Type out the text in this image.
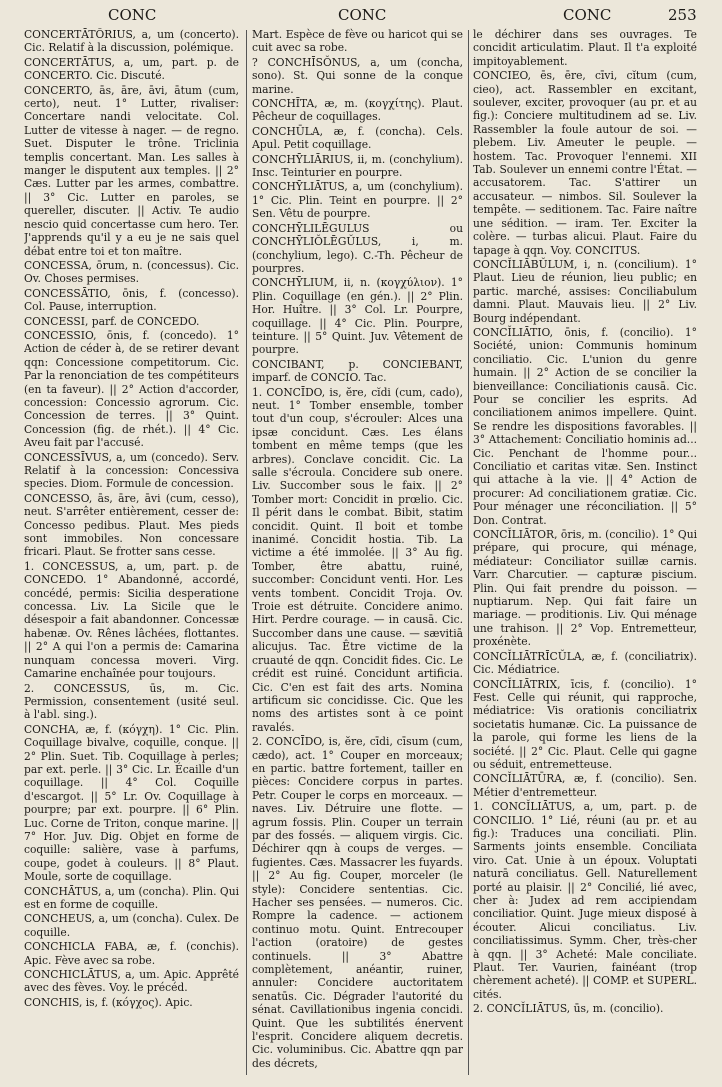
CONC	CONC	CONC	253

CONCERTĀTŌRIUS, a, um (concerto). Cic. Relatif à la discussion, polémique.

CONCERTĀTUS, a, um, part. p. de CONCERTO. Cic. Discuté.

CONCERTO, ās, āre, āvi, ātum (cum, certo), neut. 1° Lutter, rivaliser: Concertare nandi velocitate. Col. Lutter de vitesse à nager. — de regno. Suet. Disputer le trône. Triclinia templis concertant. Man. Les salles à manger le disputent aux temples. || 2° Cæs. Lutter par les armes, combattre. || 3° Cic. Lutter en paroles, se quereller, discuter. || Activ. Te audio nescio quid concertasse cum hero. Ter. J'apprends qu'il y a eu je ne sais quel débat entre toi et ton maître.

CONCESSA, ōrum, n. (concessus). Cic. Ov. Choses permises.

CONCESSĀTIO, ōnis, f. (concesso). Col. Pause, interruption.

CONCESSI, parf. de CONCEDO.

CONCESSIO, ōnis, f. (concedo). 1° Action de céder à, de se retirer devant qqn: Concessione competitorum. Cic. Par la renonciation de tes compétiteurs (en ta faveur). || 2° Action d'accorder, concession: Concessio agrorum. Cic. Concession de terres. || 3° Quint. Concession (fig. de rhét.). || 4° Cic. Aveu fait par l'accusé.

CONCESSĪVUS, a, um (concedo). Serv. Relatif à la concession: Concessiva species. Diom. Formule de concession.

CONCESSO, ās, āre, āvi (cum, cesso), neut. S'arrêter entièrement, cesser de: Concesso pedibus. Plaut. Mes pieds sont immobiles. Non concessare fricari. Plaut. Se frotter sans cesse.

1. CONCESSUS, a, um, part. p. de CONCEDO. 1° Abandonné, accordé, concédé, permis: Sicilia desperatione concessa. Liv. La Sicile que le désespoir a fait abandonner. Concessæ habenæ. Ov. Rênes lâchées, flottantes. || 2° A qui l'on a permis de: Camarina nunquam concessa moveri. Virg. Camarine enchaînée pour toujours.

2. CONCESSUS, ūs, m. Cic. Permission, consentement (usité seul. à l'abl. sing.).

CONCHA, æ, f. (κόγχη). 1° Cic. Plin. Coquillage bivalve, coquille, conque. || 2° Plin. Suet. Tib. Coquillage à perles; par ext. perle. || 3° Cic. Lr. Écaille d'un coquillage. || 4° Col. Coquille d'escargot. || 5° Lr. Ov. Coquillage à pourpre; par ext. pourpre. || 6° Plin. Luc. Corne de Triton, conque marine. || 7° Hor. Juv. Dig. Objet en forme de coquille: salière, vase à parfums, coupe, godet à couleurs. || 8° Plaut. Moule, sorte de coquillage.

CONCHĀTUS, a, um (concha). Plin. Qui est en forme de coquille.

CONCHEUS, a, um (concha). Culex. De coquille.

CONCHICLA FABA, æ, f. (conchis). Apic. Fève avec sa robe.

CONCHICLĀTUS, a, um. Apic. Apprêté avec des fèves. Voy. le précéd.

CONCHIS, is, f. (κόγχος). Apic.

Mart. Espèce de fève ou haricot qui se cuit avec sa robe.

? CONCHĪSŎNUS, a, um (concha, sono). St. Qui sonne de la conque marine.

CONCHĪTA, æ, m. (κογχίτης). Plaut. Pêcheur de coquillages.

CONCHŪLA, æ, f. (concha). Cels. Apul. Petit coquillage.

CONCHȲLIĀRIUS, ii, m. (conchylium). Insc. Teinturier en pourpre.

CONCHȲLIĀTUS, a, um (conchylium). 1° Cic. Plin. Teint en pourpre. || 2° Sen. Vêtu de pourpre.

CONCHȲLILĒGULUS ou CONCHȲLIŎLĒGŬLUS, i, m. (conchylium, lego). C.-Th. Pêcheur de pourpres.

CONCHȲLIUM, ii, n. (κογχύλιον). 1° Plin. Coquillage (en gén.). || 2° Plin. Hor. Huître. || 3° Col. Lr. Pourpre, coquillage. || 4° Cic. Plin. Pourpre, teinture. || 5° Quint. Juv. Vêtement de pourpre.

CONCIBANT, p. CONCIEBANT, imparf. de CONCIO. Tac.

1. CONCĪDO, is, ĕre, cĭdi (cum, cado), neut. 1° Tomber ensemble, tomber tout d'un coup, s'écrouler: Alces una ipsæ concidunt. Cæs. Les élans tombent en même temps (que les arbres). Conclave concidit. Cic. La salle s'écroula. Concidere sub onere. Liv. Succomber sous le faix. || 2° Tomber mort: Concidit in prœlio. Cic. Il périt dans le combat. Bibit, statim concidit. Quint. Il boit et tombe inanimé. Concidit hostia. Tib. La victime a été immolée. || 3° Au fig. Tomber, être abattu, ruiné, succomber: Concidunt venti. Hor. Les vents tombent. Concidit Troja. Ov. Troie est détruite. Concidere animo. Hirt. Perdre courage. — in causā. Cic. Succomber dans une cause. — sævitiā alicujus. Tac. Être victime de la cruauté de qqn. Concidit fides. Cic. Le crédit est ruiné. Concidunt artificia. Cic. C'en est fait des arts. Nomina artificum sic concidisse. Cic. Que les noms des artistes sont à ce point ravalés.

2. CONCĪDO, is, ĕre, cīdi, cīsum (cum, cædo), act. 1° Couper en morceaux; en partic. battre fortement, tailler en pièces: Concidere corpus in partes. Petr. Couper le corps en morceaux. — naves. Liv. Détruire une flotte. — agrum fossis. Plin. Couper un terrain par des fossés. — aliquem virgis. Cic. Déchirer qqn à coups de verges. — fugientes. Cæs. Massacrer les fuyards. || 2° Au fig. Couper, morceler (le style): Concidere sententias. Cic. Hacher ses pensées. — numeros. Cic. Rompre la cadence. — actionem continuo motu. Quint. Entrecouper l'action (oratoire) de gestes continuels. || 3° Abattre complètement, anéantir, ruiner, annuler: Concidere auctoritatem senatūs. Cic. Dégrader l'autorité du sénat. Cavillationibus ingenia concidi. Quint. Que les subtilités énervent l'esprit. Concidere aliquem decretis. Cic. voluminibus. Cic. Abattre qqn par des décrets,

le déchirer dans ses ouvrages. Te concidit articulatim. Plaut. Il t'a exploité impitoyablement.

CONCIEO, ēs, ēre, cīvi, cĭtum (cum, cieo), act. Rassembler en excitant, soulever, exciter, provoquer (au pr. et au fig.): Conciere multitudinem ad se. Liv. Rassembler la foule autour de soi. — plebem. Liv. Ameuter le peuple. — hostem. Tac. Provoquer l'ennemi. XII Tab. Soulever un ennemi contre l'État. — accusatorem. Tac. S'attirer un accusateur. — nimbos. Sil. Soulever la tempête. — seditionem. Tac. Faire naître une sédition. — iram. Ter. Exciter la colère. — turbas alicui. Plaut. Faire du tapage à qqn. Voy. CONCITUS.

CONCĬLIĀBŬLUM, i, n. (concilium). 1° Plaut. Lieu de réunion, lieu public; en partic. marché, assises: Conciliabulum damni. Plaut. Mauvais lieu. || 2° Liv. Bourg indépendant.

CONCĬLIĀTIO, ōnis, f. (concilio). 1° Société, union: Communis hominum conciliatio. Cic. L'union du genre humain. || 2° Action de se concilier la bienveillance: Conciliationis causā. Cic. Pour se concilier les esprits. Ad conciliationem animos impellere. Quint. Se rendre les dispositions favorables. || 3° Attachement: Conciliatio hominis ad... Cic. Penchant de l'homme pour... Conciliatio et caritas vitæ. Sen. Instinct qui attache à la vie. || 4° Action de procurer: Ad conciliationem gratiæ. Cic. Pour ménager une réconciliation. || 5° Don. Contrat.

CONCĬLIĀTOR, ōris, m. (concilio). 1° Qui prépare, qui procure, qui ménage, médiateur: Conciliator suillæ carnis. Varr. Charcutier. — capturæ piscium. Plin. Qui fait prendre du poisson. — nuptiarum. Nep. Qui fait faire un mariage. — proditionis. Liv. Qui ménage une trahison. || 2° Vop. Entremetteur, proxénète.

CONCĬLIĀTRĪCŬLA, æ, f. (conciliatrix). Cic. Médiatrice.

CONCĬLIĀTRIX, īcis, f. (concilio). 1° Fest. Celle qui réunit, qui rapproche, médiatrice: Vis orationis conciliatrix societatis humanæ. Cic. La puissance de la parole, qui forme les liens de la société. || 2° Cic. Plaut. Celle qui gagne ou séduit, entremetteuse.

CONCĬLIĀTŪRA, æ, f. (concilio). Sen. Métier d'entremetteur.

1. CONCĬLIĀTUS, a, um, part. p. de CONCILIO. 1° Lié, réuni (au pr. et au fig.): Traduces una conciliati. Plin. Sarments joints ensemble. Conciliata viro. Cat. Unie à un époux. Voluptati naturā conciliatus. Gell. Naturellement porté au plaisir. || 2° Concilié, lié avec, cher à: Judex ad rem accipiendam conciliatior. Quint. Juge mieux disposé à écouter. Alicui conciliatus. Liv. conciliatissimus. Symm. Cher, très-cher à qqn. || 3° Acheté: Male conciliate. Plaut. Ter. Vaurien, fainéant (trop chèrement acheté). || COMP. et SUPERL. cités.

2. CONCĬLIĀTUS, ūs, m. (concilio).
